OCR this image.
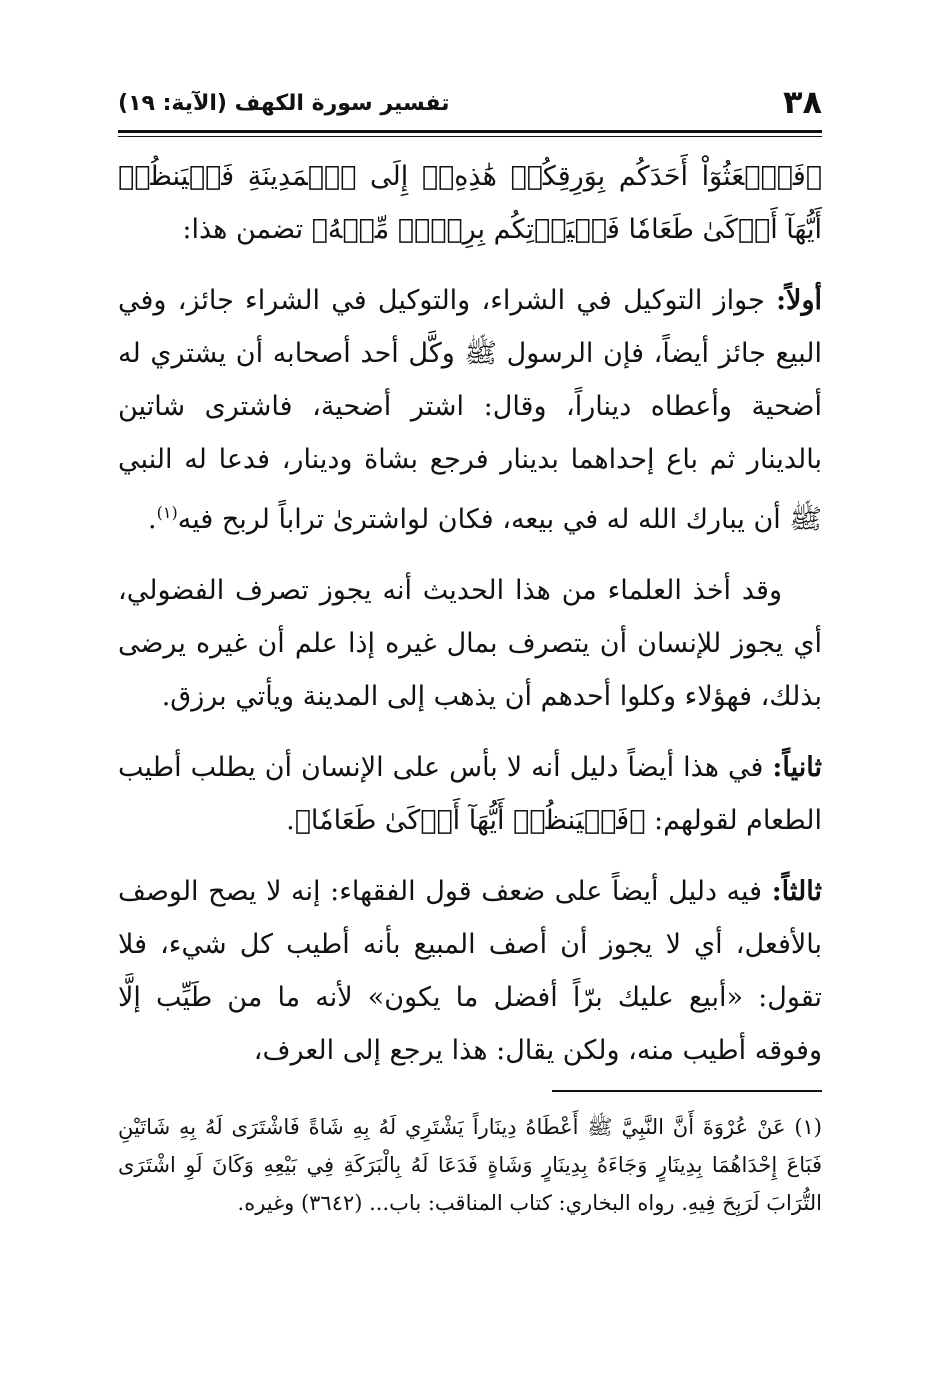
٣٨
تفسير سورة الكهف (الآية: ١٩)

﴿فَٱبۡعَثُوٓاْ أَحَدَكُم بِوَرِقِكُمۡ هَٰذِهِۦٓ إِلَى ٱلۡمَدِينَةِ فَلۡيَنظُرۡ أَيُّهَآ أَزۡكَىٰ طَعَامٗا فَلۡيَأۡتِكُم بِرِزۡقٖ مِّنۡهُ﴾ تضمن هذا:

أولاً: جواز التوكيل في الشراء، والتوكيل في الشراء جائز، وفي البيع جائز أيضاً، فإن الرسول ﷺ وكَّل أحد أصحابه أن يشتري له أضحية وأعطاه ديناراً، وقال: اشتر أضحية، فاشترى شاتين بالدينار ثم باع إحداهما بدينار فرجع بشاة ودينار، فدعا له النبي ﷺ أن يبارك الله له في بيعه، فكان لواشترىٰ تراباً لربح فيه$^{(١)}$.

وقد أخذ العلماء من هذا الحديث أنه يجوز تصرف الفضولي، أي يجوز للإنسان أن يتصرف بمال غيره إذا علم أن غيره يرضى بذلك، فهؤلاء وكلوا أحدهم أن يذهب إلى المدينة ويأتي برزق.

ثانياً: في هذا أيضاً دليل أنه لا بأس على الإنسان أن يطلب أطيب الطعام لقولهم: ﴿فَلۡيَنظُرۡ أَيُّهَآ أَزۡكَىٰ طَعَامٗا﴾.

ثالثاً: فيه دليل أيضاً على ضعف قول الفقهاء: إنه لا يصح الوصف بالأفعل، أي لا يجوز أن أصف المبيع بأنه أطيب كل شيء، فلا تقول: «أبيع عليك برّاً أفضل ما يكون» لأنه ما من طَيِّب إلَّا وفوقه أطيب منه، ولكن يقال: هذا يرجع إلى العرف،

(١) عَنْ عُرْوَةَ أَنَّ النَّبِيَّ ﷺ أَعْطَاهُ دِينَاراً يَشْتَرِي لَهُ بِهِ شَاةً فَاشْتَرَى لَهُ بِهِ شَاتَيْنِ فَبَاعَ إِحْدَاهُمَا بِدِينَارٍ وَجَاءَهُ بِدِينَارٍ وَشَاةٍ فَدَعَا لَهُ بِالْبَرَكَةِ فِي بَيْعِهِ وَكَانَ لَوِ اشْتَرَى التُّرَابَ لَرَبِحَ فِيهِ. رواه البخاري: كتاب المناقب: باب... (٣٦٤٢) وغيره.
